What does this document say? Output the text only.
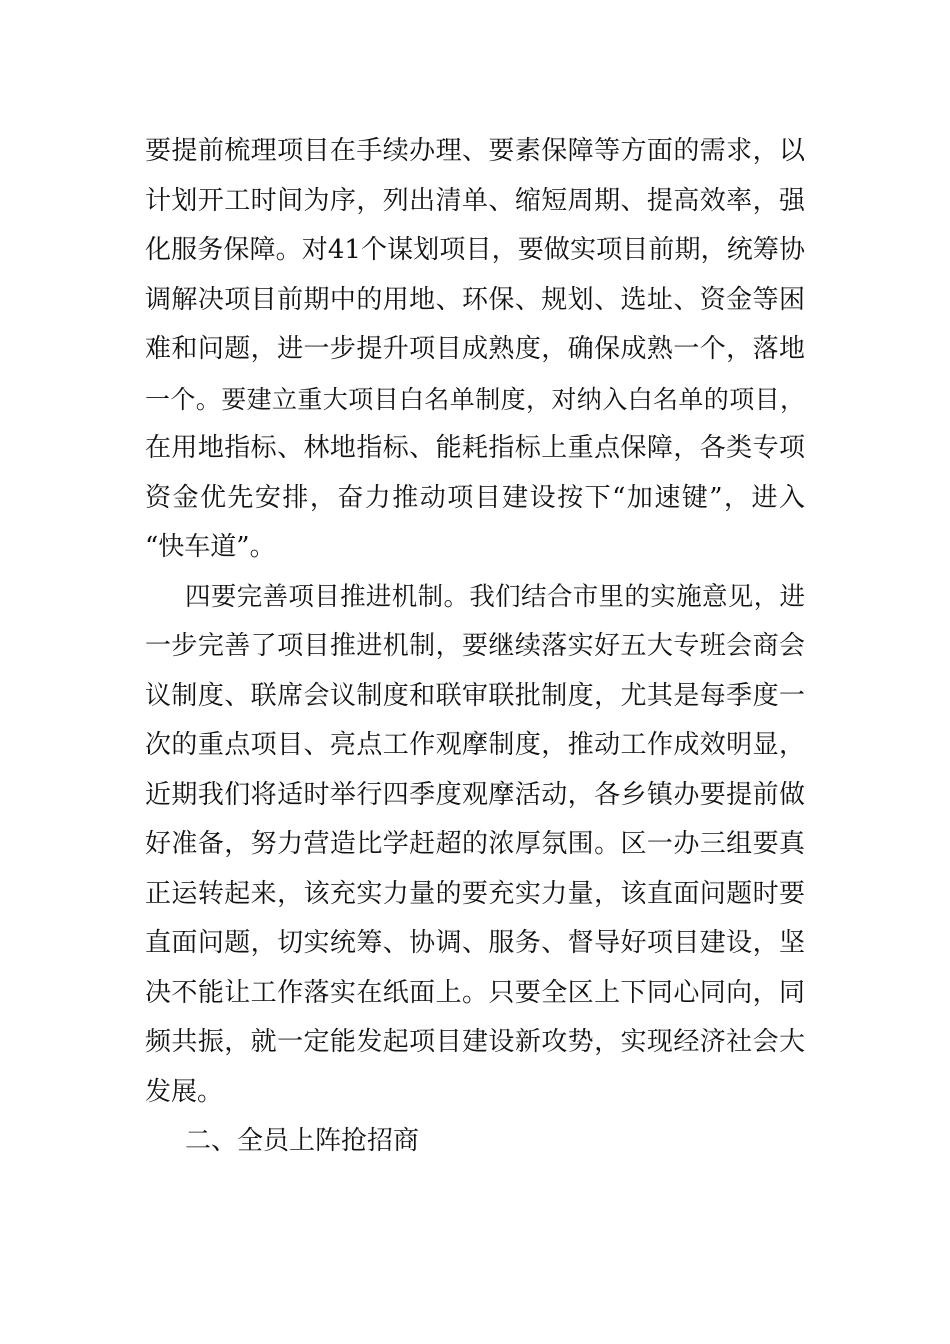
要提前梳理项目在手续办理、要素保障等方面的需求，以
计划开工时间为序，列出清单、缩短周期、提高效率，强
化服务保障。对41个谋划项目，要做实项目前期，统筹协
调解决项目前期中的用地、环保、规划、选址、资金等困
难和问题，进一步提升项目成熟度，确保成熟一个，落地
一个。要建立重大项目白名单制度，对纳入白名单的项目，
在用地指标、林地指标、能耗指标上重点保障，各类专项
资金优先安排，奋力推动项目建设按下“加速键”，进入
“快车道”。
四要完善项目推进机制。我们结合市里的实施意见，进
一步完善了项目推进机制，要继续落实好五大专班会商会
议制度、联席会议制度和联审联批制度，尤其是每季度一
次的重点项目、亮点工作观摩制度，推动工作成效明显，
近期我们将适时举行四季度观摩活动，各乡镇办要提前做
好准备，努力营造比学赶超的浓厚氛围。区一办三组要真
正运转起来，该充实力量的要充实力量，该直面问题时要
直面问题，切实统筹、协调、服务、督导好项目建设，坚
决不能让工作落实在纸面上。只要全区上下同心同向，同
频共振，就一定能发起项目建设新攻势，实现经济社会大
发展。
二、全员上阵抢招商
